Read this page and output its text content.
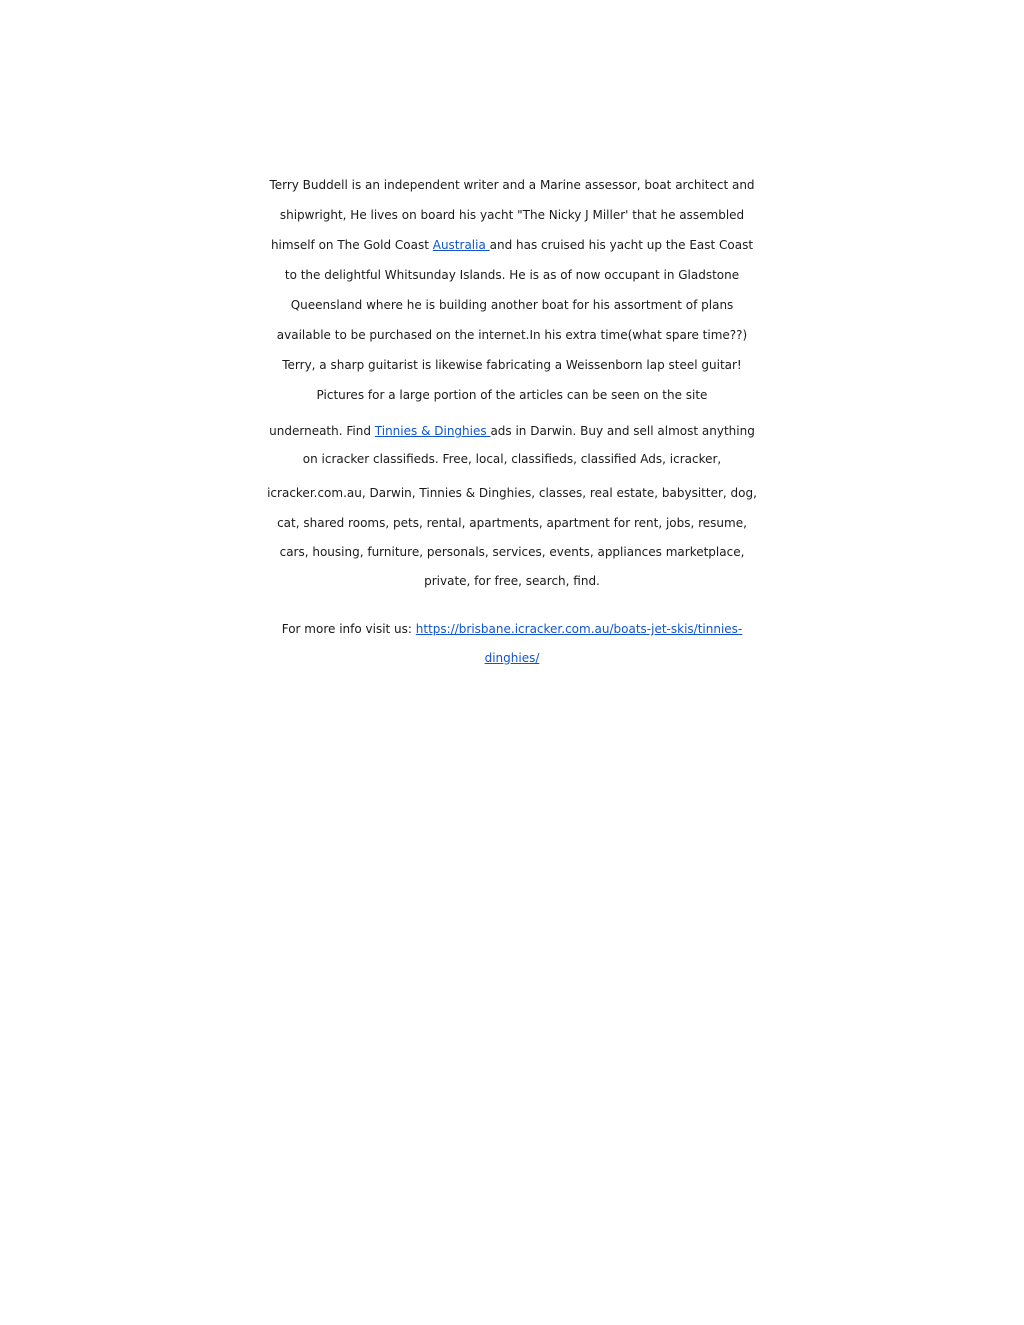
Terry Buddell is an independent writer and a Marine assessor, boat architect and
shipwright, He lives on board his yacht "The Nicky J Miller' that he assembled
himself on The Gold Coast Australia and has cruised his yacht up the East Coast
to the delightful Whitsunday Islands. He is as of now occupant in Gladstone
Queensland where he is building another boat for his assortment of plans
available to be purchased on the internet.In his extra time(what spare time??)
Terry, a sharp guitarist is likewise fabricating a Weissenborn lap steel guitar!
Pictures for a large portion of the articles can be seen on the site
underneath. Find Tinnies & Dinghies ads in Darwin. Buy and sell almost anything
on icracker classifieds. Free, local, classifieds, classified Ads, icracker,
icracker.com.au, Darwin, Tinnies & Dinghies, classes, real estate, babysitter, dog,
cat, shared rooms, pets, rental, apartments, apartment for rent, jobs, resume,
cars, housing, furniture, personals, services, events, appliances marketplace,
private, for free, search, find.
For more info visit us: https://brisbane.icracker.com.au/boats-jet-skis/tinnies-
dinghies/
